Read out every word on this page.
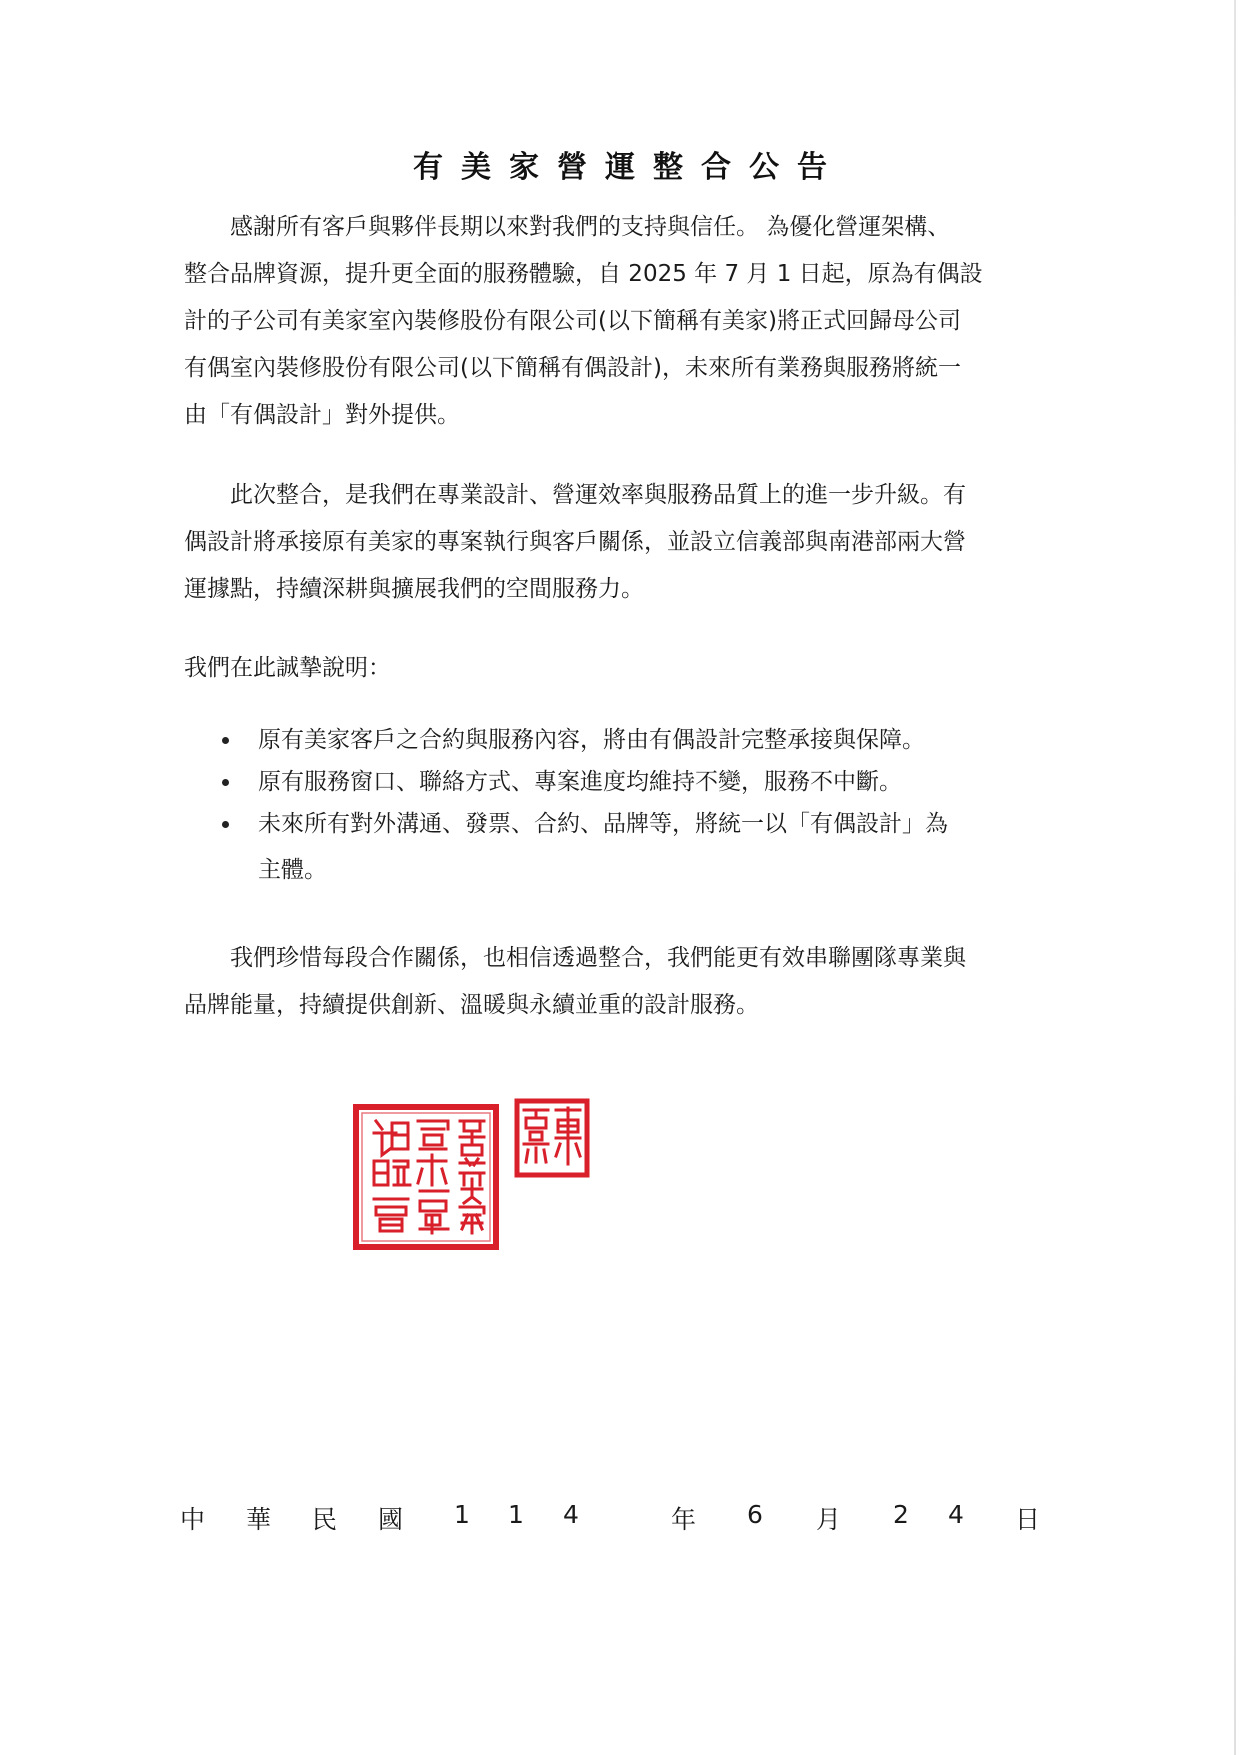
有美家營運整合公告

感謝所有客戶與夥伴長期以來對我們的支持與信任。 為優化營運架構、
整合品牌資源，提升更全面的服務體驗，自 2025 年 7 月 1 日起，原為有偶設
計的子公司有美家室內裝修股份有限公司(以下簡稱有美家)將正式回歸母公司
有偶室內裝修股份有限公司(以下簡稱有偶設計)，未來所有業務與服務將統一
由「有偶設計」對外提供。

此次整合，是我們在專業設計、營運效率與服務品質上的進一步升級。有
偶設計將承接原有美家的專案執行與客戶關係，並設立信義部與南港部兩大營
運據點，持續深耕與擴展我們的空間服務力。

我們在此誠摯說明：

原有美家客戶之合約與服務內容，將由有偶設計完整承接與保障。
原有服務窗口、聯絡方式、專案進度均維持不變，服務不中斷。
未來所有對外溝通、發票、合約、品牌等，將統一以「有偶設計」為
主體。

我們珍惜每段合作關係，也相信透過整合，我們能更有效串聯團隊專業與
品牌能量，持續提供創新、溫暖與永續並重的設計服務。

中 華 民 國 1 1 4	年 6 月 2 4 日
